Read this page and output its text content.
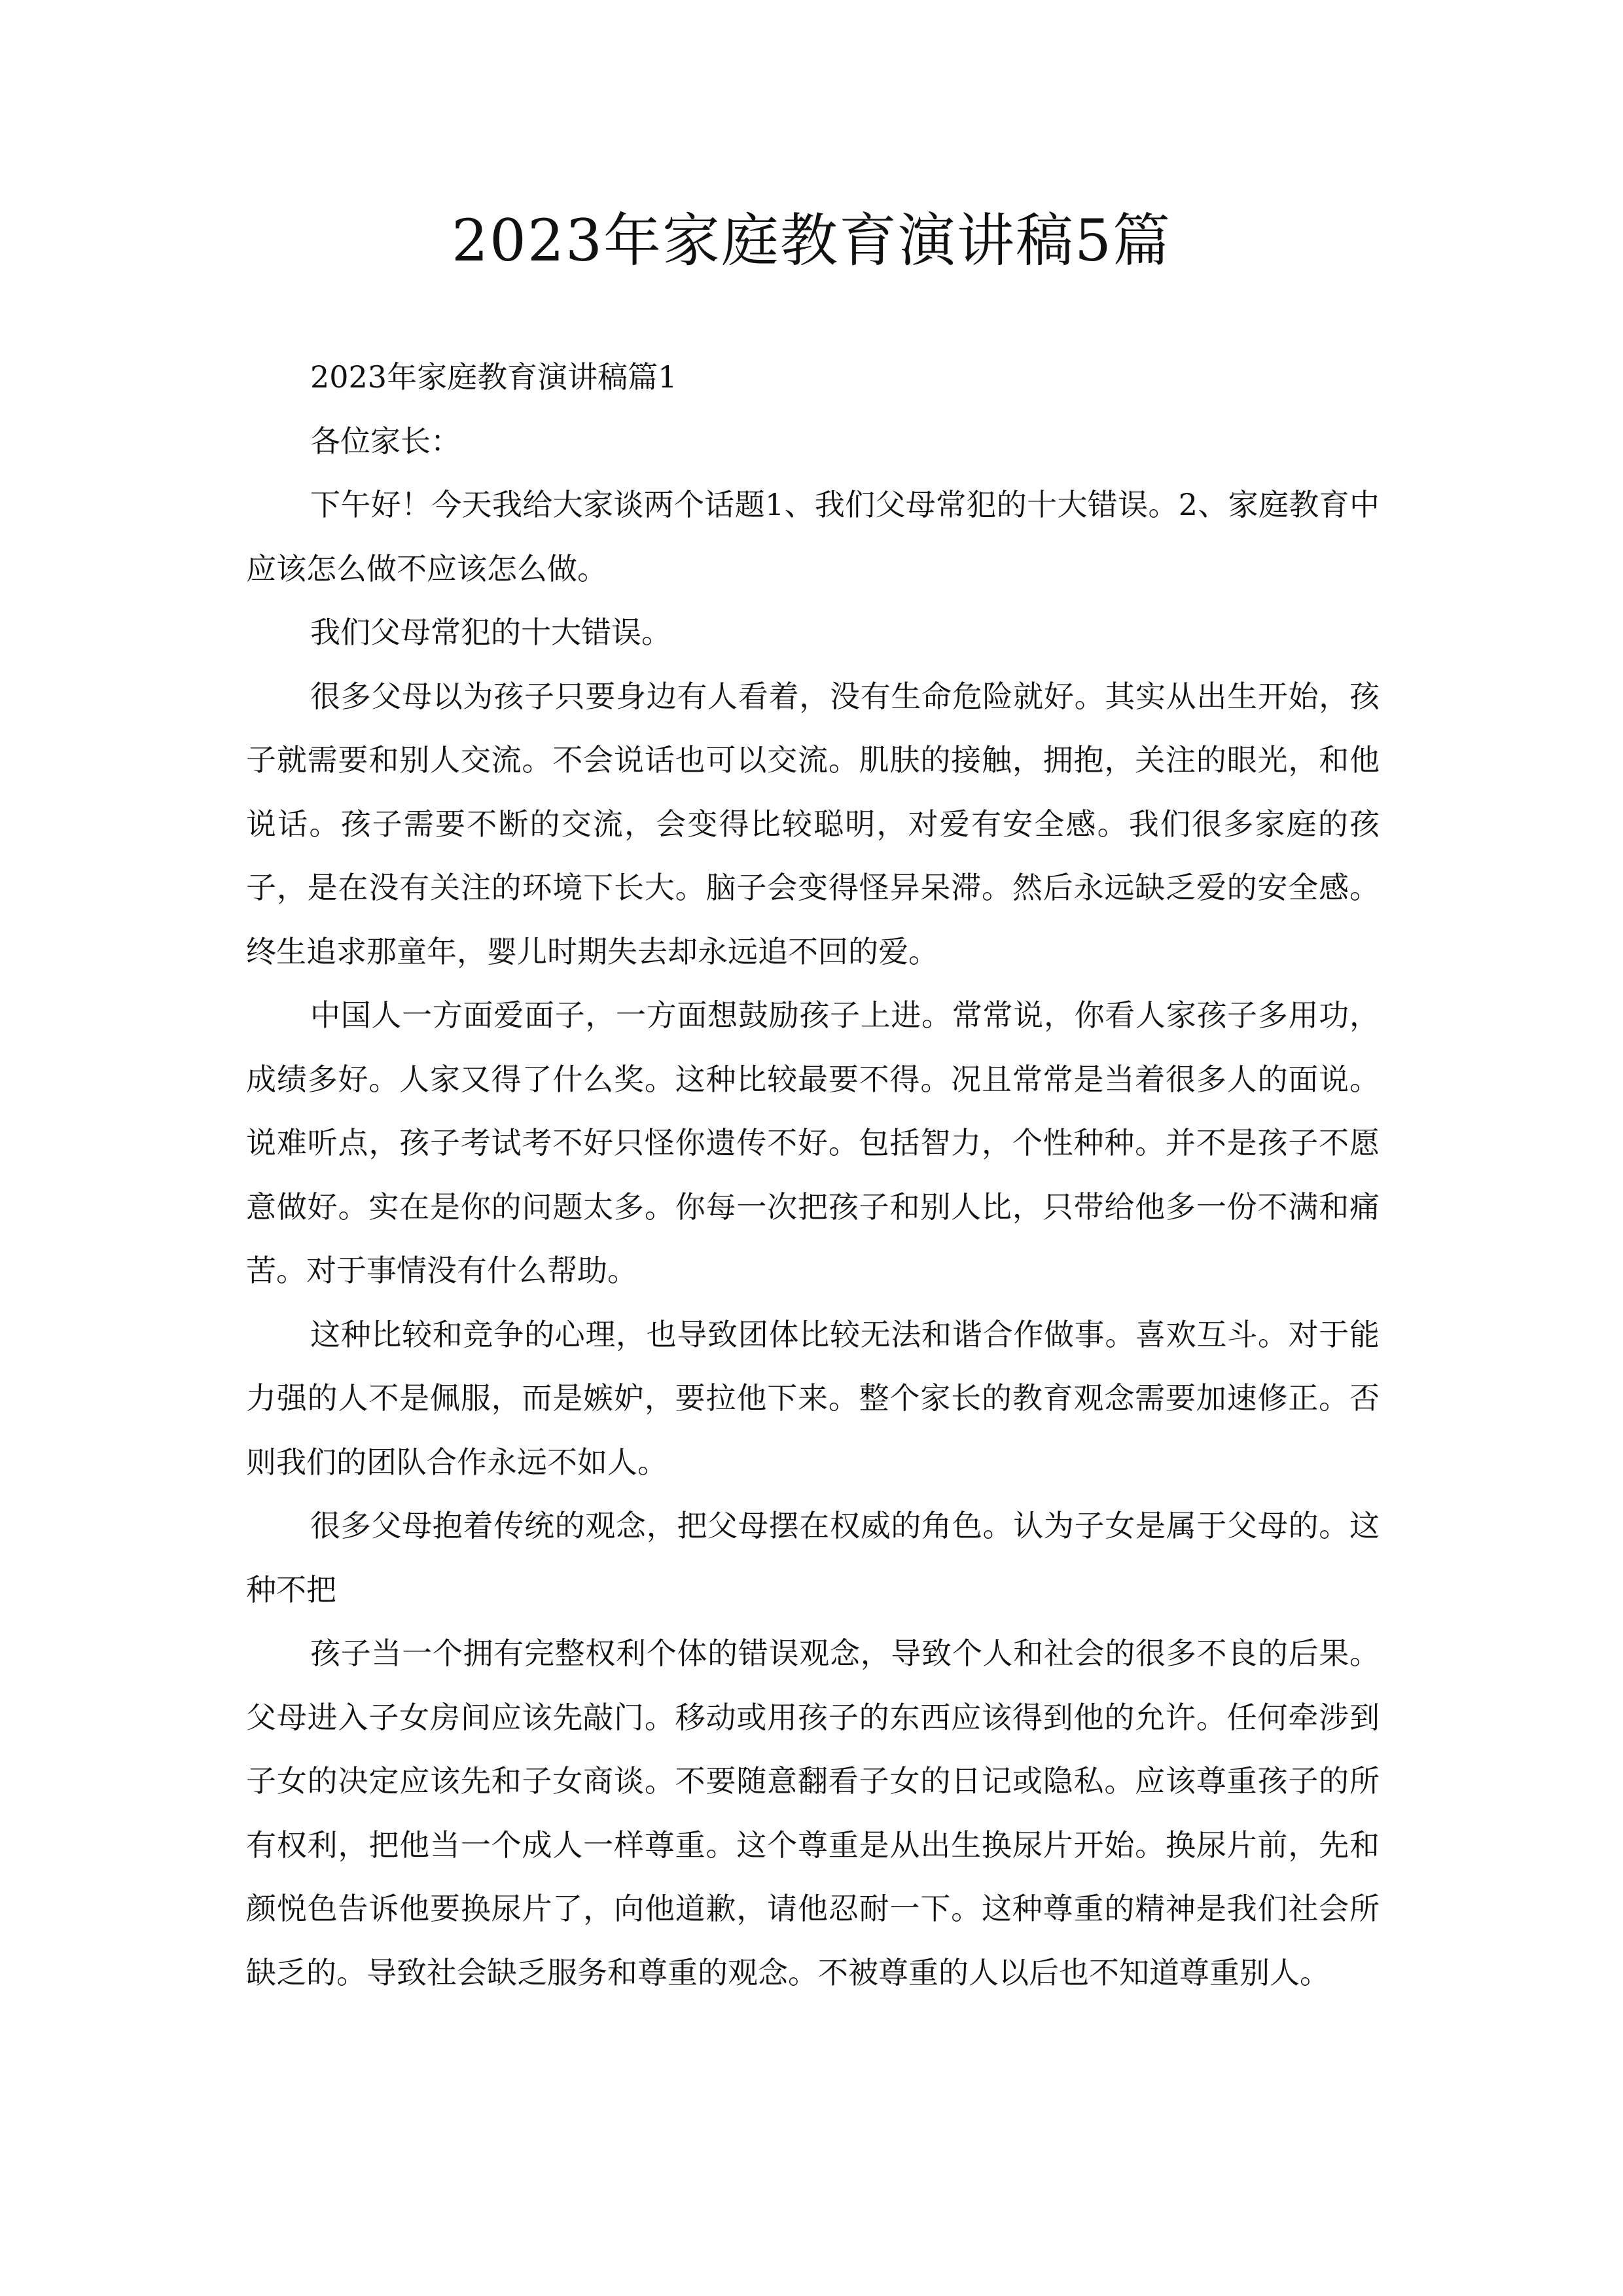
2023年家庭教育演讲稿5篇

2023年家庭教育演讲稿篇1

各位家长：

下午好！今天我给大家谈两个话题1、我们父母常犯的十大错误。2、家庭教育中应该怎么做不应该怎么做。

我们父母常犯的十大错误。

很多父母以为孩子只要身边有人看着，没有生命危险就好。其实从出生开始，孩子就需要和别人交流。不会说话也可以交流。肌肤的接触，拥抱，关注的眼光，和他说话。孩子需要不断的交流，会变得比较聪明，对爱有安全感。我们很多家庭的孩子，是在没有关注的环境下长大。脑子会变得怪异呆滞。然后永远缺乏爱的安全感。终生追求那童年，婴儿时期失去却永远追不回的爱。

中国人一方面爱面子，一方面想鼓励孩子上进。常常说，你看人家孩子多用功，成绩多好。人家又得了什么奖。这种比较最要不得。况且常常是当着很多人的面说。说难听点，孩子考试考不好只怪你遗传不好。包括智力，个性种种。并不是孩子不愿意做好。实在是你的问题太多。你每一次把孩子和别人比，只带给他多一份不满和痛苦。对于事情没有什么帮助。

这种比较和竞争的心理，也导致团体比较无法和谐合作做事。喜欢互斗。对于能力强的人不是佩服，而是嫉妒，要拉他下来。整个家长的教育观念需要加速修正。否则我们的团队合作永远不如人。

很多父母抱着传统的观念，把父母摆在权威的角色。认为子女是属于父母的。这种不把

孩子当一个拥有完整权利个体的错误观念，导致个人和社会的很多不良的后果。父母进入子女房间应该先敲门。移动或用孩子的东西应该得到他的允许。任何牵涉到子女的决定应该先和子女商谈。不要随意翻看子女的日记或隐私。应该尊重孩子的所有权利，把他当一个成人一样尊重。这个尊重是从出生换尿片开始。换尿片前，先和颜悦色告诉他要换尿片了，向他道歉，请他忍耐一下。这种尊重的精神是我们社会所缺乏的。导致社会缺乏服务和尊重的观念。不被尊重的人以后也不知道尊重别人。
